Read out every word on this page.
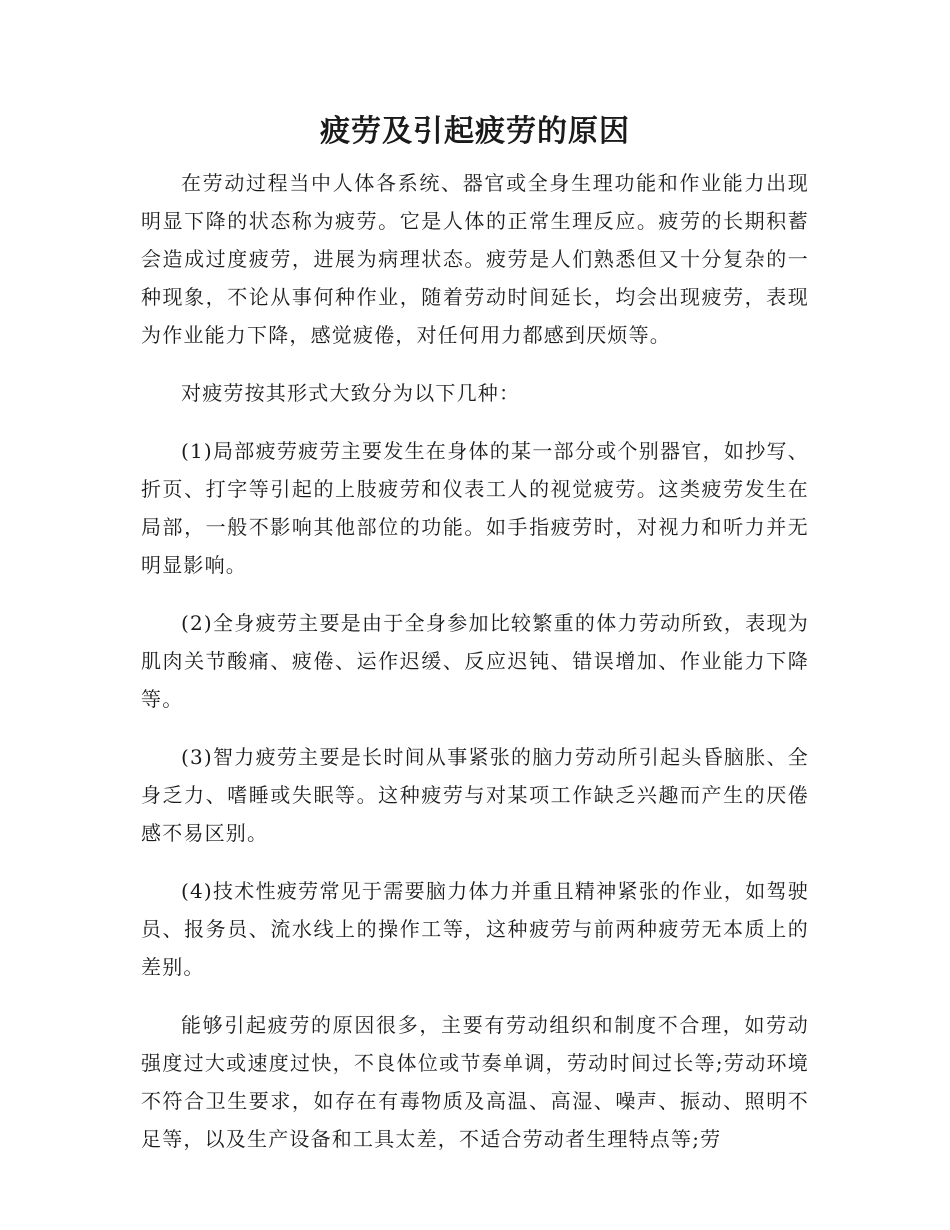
疲劳及引起疲劳的原因

在劳动过程当中人体各系统、器官或全身生理功能和作业能力出现明显下降的状态称为疲劳。它是人体的正常生理反应。疲劳的长期积蓄会造成过度疲劳，进展为病理状态。疲劳是人们熟悉但又十分复杂的一种现象，不论从事何种作业，随着劳动时间延长，均会出现疲劳，表现为作业能力下降，感觉疲倦，对任何用力都感到厌烦等。

对疲劳按其形式大致分为以下几种：

(1)局部疲劳疲劳主要发生在身体的某一部分或个别器官，如抄写、折页、打字等引起的上肢疲劳和仪表工人的视觉疲劳。这类疲劳发生在局部，一般不影响其他部位的功能。如手指疲劳时，对视力和听力并无明显影响。

(2)全身疲劳主要是由于全身参加比较繁重的体力劳动所致，表现为肌肉关节酸痛、疲倦、运作迟缓、反应迟钝、错误增加、作业能力下降等。

(3)智力疲劳主要是长时间从事紧张的脑力劳动所引起头昏脑胀、全身乏力、嗜睡或失眠等。这种疲劳与对某项工作缺乏兴趣而产生的厌倦感不易区别。

(4)技术性疲劳常见于需要脑力体力并重且精神紧张的作业，如驾驶员、报务员、流水线上的操作工等，这种疲劳与前两种疲劳无本质上的差别。

能够引起疲劳的原因很多，主要有劳动组织和制度不合理，如劳动强度过大或速度过快，不良体位或节奏单调，劳动时间过长等;劳动环境不符合卫生要求，如存在有毒物质及高温、高湿、噪声、振动、照明不足等，以及生产设备和工具太差，不适合劳动者生理特点等;劳
